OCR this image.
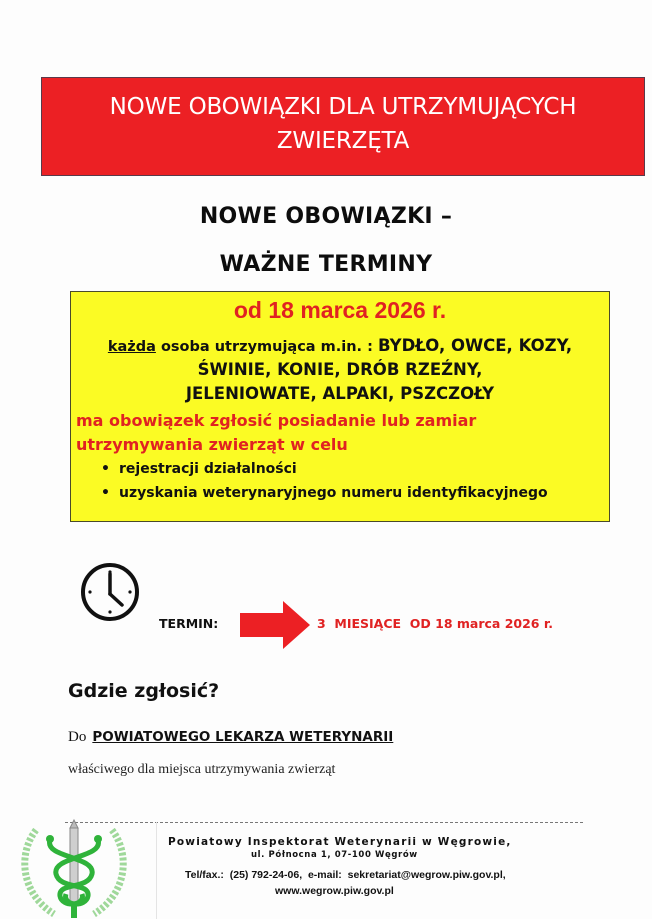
NOWE OBOWIĄZKI DLA UTRZYMUJĄCYCH
ZWIERZĘTA
NOWE OBOWIĄZKI –
WAŻNE TERMINY
od 18 marca 2026 r.
każda osoba utrzymująca m.in. : BYDŁO, OWCE, KOZY,
ŚWINIE, KONIE, DRÓB RZEŹNY,
JELENIOWATE, ALPAKI, PSZCZOŁY
ma obowiązek zgłosić posiadanie lub zamiar
utrzymywania zwierząt w celu
• rejestracji działalności
• uzyskania weterynaryjnego numeru identyfikacyjnego
TERMIN:	3  MIESIĄCE  OD 18 marca 2026 r.
Gdzie zgłosić?
Do POWIATOWEGO LEKARZA WETERYNARII
właściwego dla miejsca utrzymywania zwierząt
Powiatowy Inspektorat Weterynarii w Węgrowie,
ul. Północna 1, 07-100 Węgrów
Tel/fax.:  (25) 792-24-06,  e-mail:  sekretariat@wegrow.piw.gov.pl,
www.wegrow.piw.gov.pl
